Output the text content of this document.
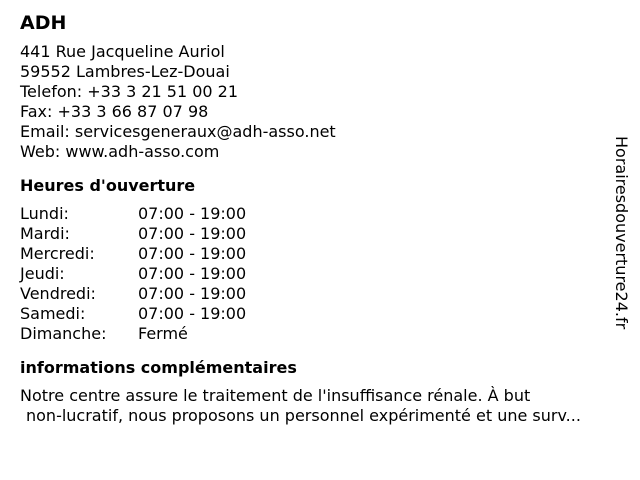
ADH
441 Rue Jacqueline Auriol
59552 Lambres-Lez-Douai
Telefon: +33 3 21 51 00 21
Fax: +33 3 66 87 07 98
Email: servicesgeneraux@adh-asso.net
Web: www.adh-asso.com
Heures d'ouverture
Lundi:	07:00 - 19:00
Mardi:	07:00 - 19:00
Mercredi:	07:00 - 19:00
Jeudi:	07:00 - 19:00
Vendredi:	07:00 - 19:00
Samedi:	07:00 - 19:00
Dimanche:	Fermé
informations complémentaires
Notre centre assure le traitement de l'insuffisance rénale. À but
non-lucratif, nous proposons un personnel expérimenté et une surv...
Horairesdouverture24.fr
